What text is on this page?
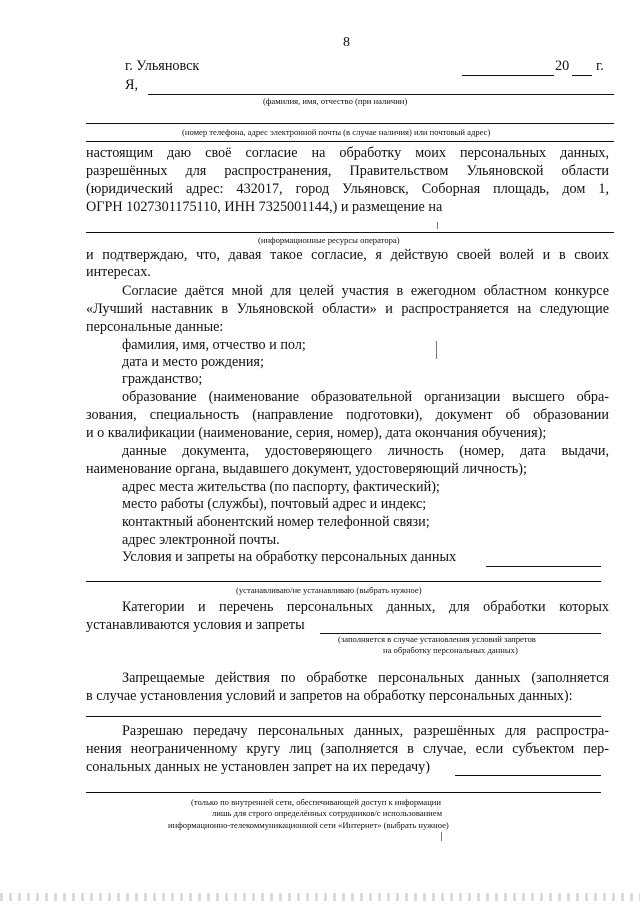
8
г. Ульяновск	20 г.
Я,
(фамилия, имя, отчество (при наличии)
(номер телефона, адрес электронной почты (в случае наличия) или почтовый адрес)
настоящим даю своё согласие на обработку моих персональных данных,
разрешённых для распространения, Правительством Ульяновской области
(юридический адрес: 432017, город Ульяновск, Соборная площадь, дом 1,
ОГРН 1027301175110, ИНН 7325001144,) и размещение на
(информационные ресурсы оператора)
и подтверждаю, что, давая такое согласие, я действую своей волей и в своих
интересах.
Согласие даётся мной для целей участия в ежегодном областном конкурсе
«Лучший наставник в Ульяновской области» и распространяется на следующие
персональные данные:
фамилия, имя, отчество и пол;
дата и место рождения;
гражданство;
образование (наименование образовательной организации высшего обра-
зования, специальность (направление подготовки), документ об образовании
и о квалификации (наименование, серия, номер), дата окончания обучения);
данные документа, удостоверяющего личность (номер, дата выдачи,
наименование органа, выдавшего документ, удостоверяющий личность);
адрес места жительства (по паспорту, фактический);
место работы (службы), почтовый адрес и индекс;
контактный абонентский номер телефонной связи;
адрес электронной почты.
Условия и запреты на обработку персональных данных
(устанавливаю/не устанавливаю (выбрать нужное)
Категории и перечень персональных данных, для обработки которых
устанавливаются условия и запреты
(заполняется в случае установления условий запретов
на обработку персональных данных)
Запрещаемые действия по обработке персональных данных (заполняется
в случае установления условий и запретов на обработку персональных данных):
Разрешаю передачу персональных данных, разрешённых для распростра-
нения неограниченному кругу лиц (заполняется в случае, если субъектом пер-
сональных данных не установлен запрет на их передачу)
(только по внутренней сети, обеспечивающей доступ к информации
лишь для строго определённых сотрудников/с использованием
информационно-телекоммуникационной сети «Интернет» (выбрать нужное)
